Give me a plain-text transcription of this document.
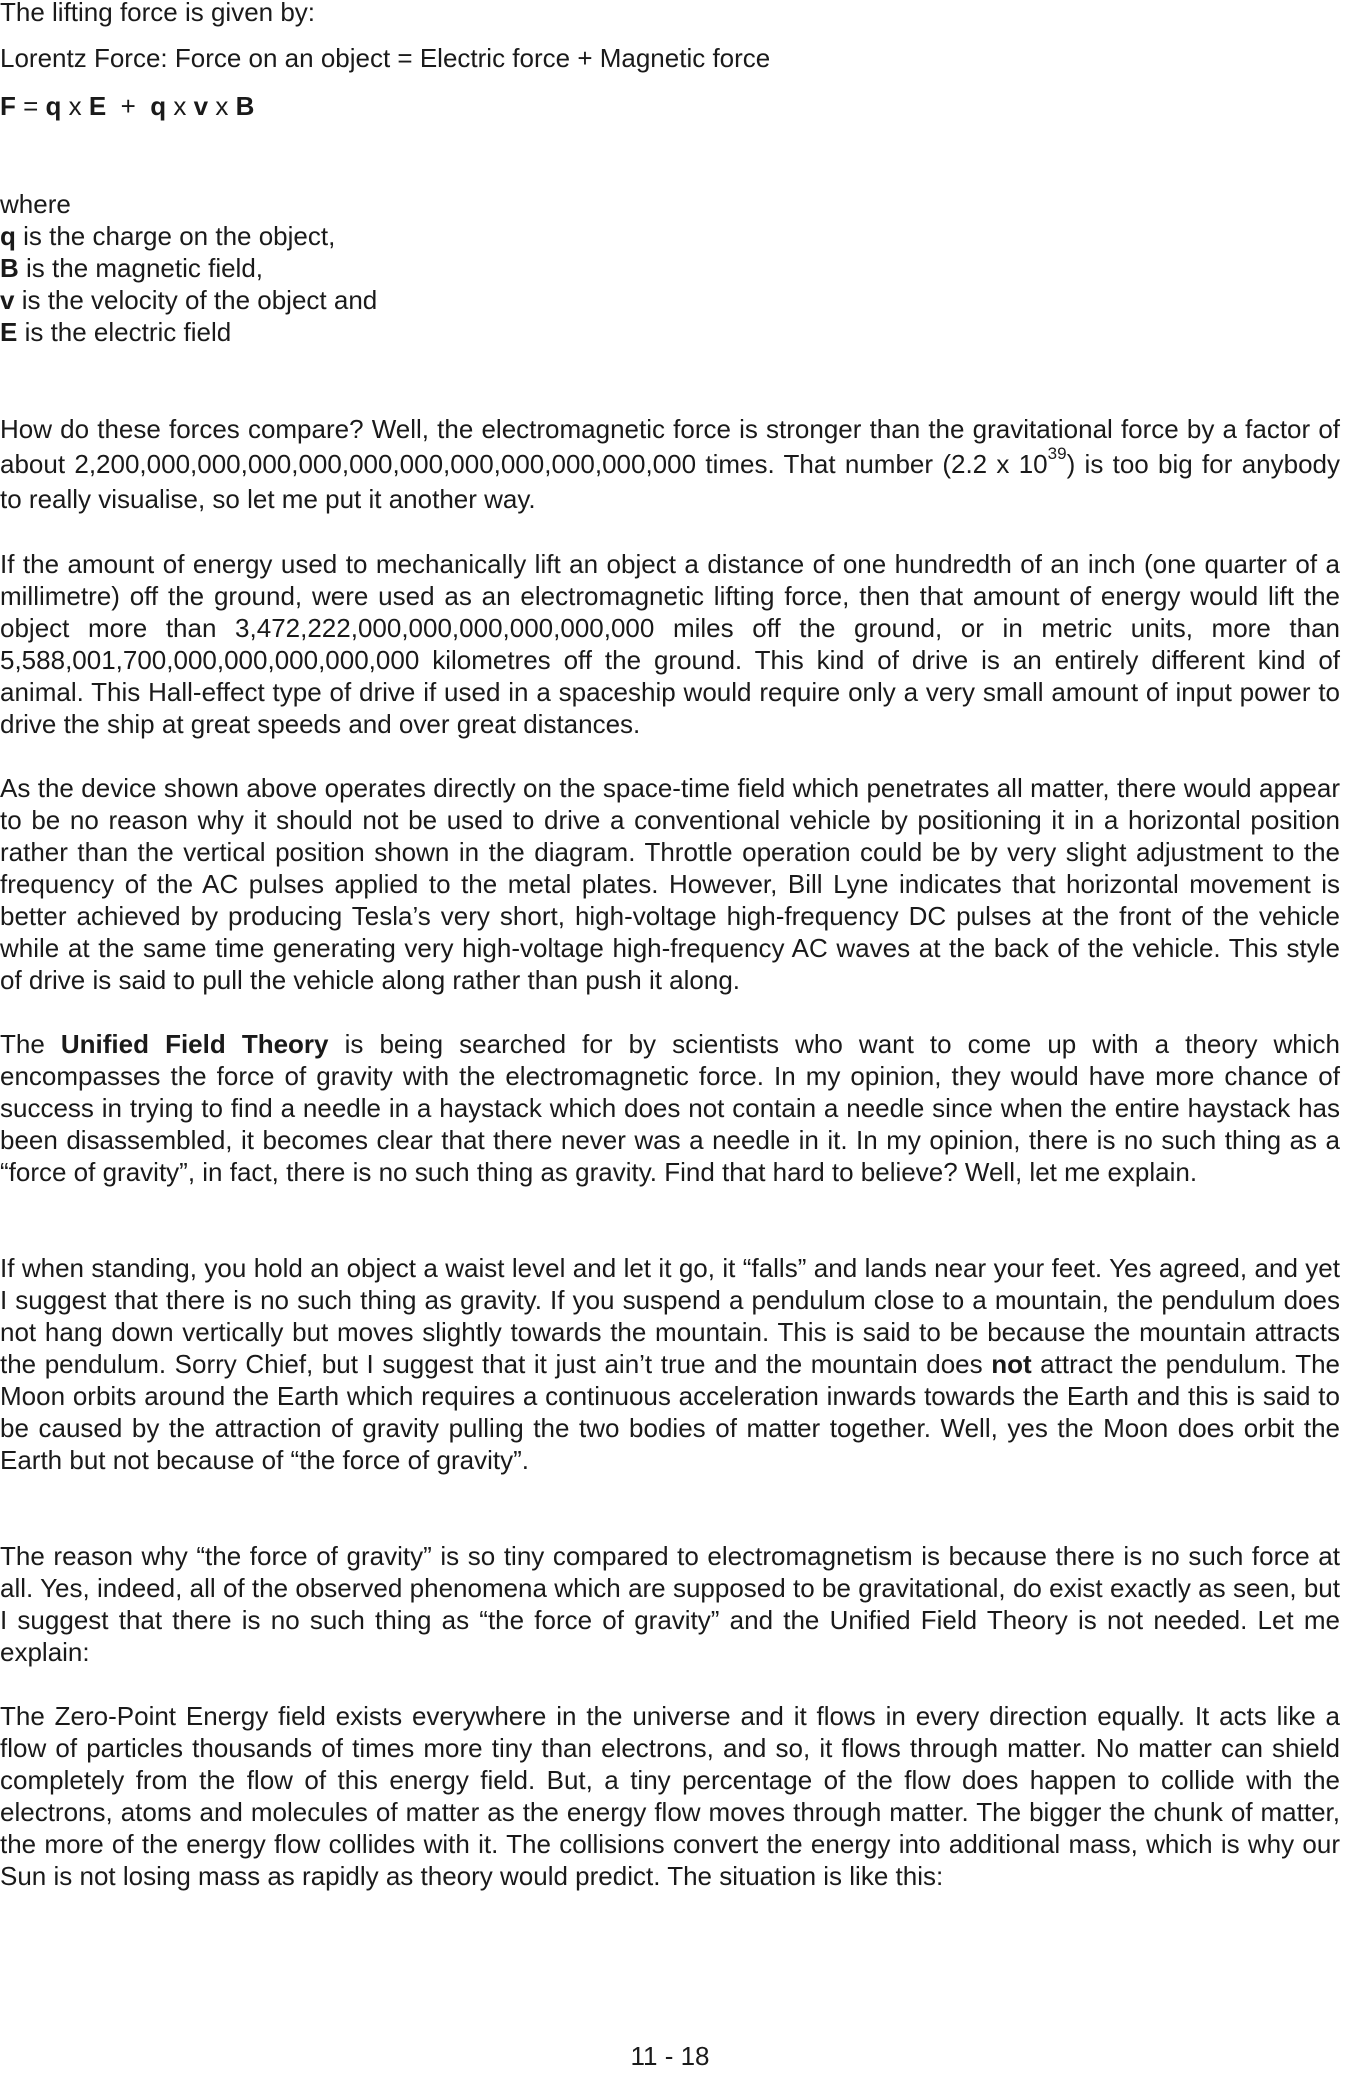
The lifting force is given by:
Lorentz Force: Force on an object = Electric force + Magnetic force
F = q x E  +  q x v x B
where
q is the charge on the object,
B is the magnetic field,
v is the velocity of the object and
E is the electric field

How do these forces compare? Well, the electromagnetic force is stronger than the gravitational force by a factor of about 2,200,000,000,000,000,000,000,000,000,000,000,000 times. That number (2.2 x $10^{39}$) is too big for anybody to really visualise, so let me put it another way.

If the amount of energy used to mechanically lift an object a distance of one hundredth of an inch (one quarter of a millimetre) off the ground, were used as an electromagnetic lifting force, then that amount of energy would lift the object more than 3,472,222,000,000,000,000,000,000 miles off the ground, or in metric units, more than 5,588,001,700,000,000,000,000,000 kilometres off the ground. This kind of drive is an entirely different kind of animal. This Hall-effect type of drive if used in a spaceship would require only a very small amount of input power to drive the ship at great speeds and over great distances.

As the device shown above operates directly on the space-time field which penetrates all matter, there would appear to be no reason why it should not be used to drive a conventional vehicle by positioning it in a horizontal position rather than the vertical position shown in the diagram. Throttle operation could be by very slight adjustment to the frequency of the AC pulses applied to the metal plates. However, Bill Lyne indicates that horizontal movement is better achieved by producing Tesla’s very short, high-voltage high-frequency DC pulses at the front of the vehicle while at the same time generating very high-voltage high-frequency AC waves at the back of the vehicle. This style of drive is said to pull the vehicle along rather than push it along.

The Unified Field Theory is being searched for by scientists who want to come up with a theory which encompasses the force of gravity with the electromagnetic force. In my opinion, they would have more chance of success in trying to find a needle in a haystack which does not contain a needle since when the entire haystack has been disassembled, it becomes clear that there never was a needle in it. In my opinion, there is no such thing as a “force of gravity”, in fact, there is no such thing as gravity. Find that hard to believe? Well, let me explain.

If when standing, you hold an object a waist level and let it go, it “falls” and lands near your feet. Yes agreed, and yet I suggest that there is no such thing as gravity. If you suspend a pendulum close to a mountain, the pendulum does not hang down vertically but moves slightly towards the mountain. This is said to be because the mountain attracts the pendulum. Sorry Chief, but I suggest that it just ain’t true and the mountain does not attract the pendulum. The Moon orbits around the Earth which requires a continuous acceleration inwards towards the Earth and this is said to be caused by the attraction of gravity pulling the two bodies of matter together. Well, yes the Moon does orbit the Earth but not because of “the force of gravity”.

The reason why “the force of gravity” is so tiny compared to electromagnetism is because there is no such force at all. Yes, indeed, all of the observed phenomena which are supposed to be gravitational, do exist exactly as seen, but I suggest that there is no such thing as “the force of gravity” and the Unified Field Theory is not needed. Let me explain:

The Zero-Point Energy field exists everywhere in the universe and it flows in every direction equally. It acts like a flow of particles thousands of times more tiny than electrons, and so, it flows through matter. No matter can shield completely from the flow of this energy field. But, a tiny percentage of the flow does happen to collide with the electrons, atoms and molecules of matter as the energy flow moves through matter. The bigger the chunk of matter, the more of the energy flow collides with it. The collisions convert the energy into additional mass, which is why our Sun is not losing mass as rapidly as theory would predict. The situation is like this:

11 - 18
